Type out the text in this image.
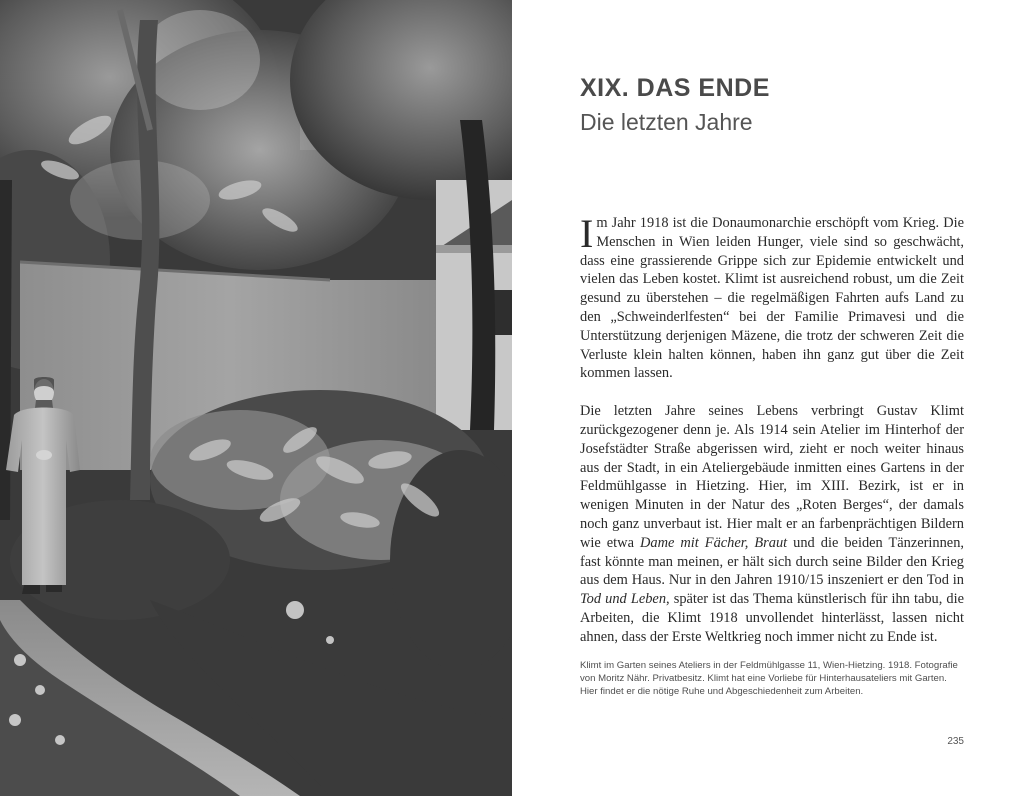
XIX. DAS ENDE
Die letzten Jahre

Im Jahr 1918 ist die Donaumonarchie erschöpft vom Krieg. Die Menschen in Wien leiden Hunger, viele sind so geschwächt, dass eine grassierende Grippe sich zur Epidemie entwickelt und vielen das Leben kostet. Klimt ist ausreichend robust, um die Zeit gesund zu überstehen – die regelmäßigen Fahrten aufs Land zu den „Schweinderlfesten“ bei der Familie Primavesi und die Unterstützung derjenigen Mäzene, die trotz der schweren Zeit die Verluste klein halten können, haben ihn ganz gut über die Zeit kommen lassen.

Die letzten Jahre seines Lebens verbringt Gustav Klimt zurückgezogener denn je. Als 1914 sein Atelier im Hinterhof der Josefstädter Straße abgerissen wird, zieht er noch weiter hinaus aus der Stadt, in ein Ateliergebäude inmitten eines Gartens in der Feldmühlgasse in Hietzing. Hier, im XIII. Bezirk, ist er in wenigen Minuten in der Natur des „Roten Berges“, der damals noch ganz unverbaut ist. Hier malt er an farbenprächtigen Bildern wie etwa Dame mit Fächer, Braut und die beiden Tänzerinnen, fast könnte man meinen, er hält sich durch seine Bilder den Krieg aus dem Haus. Nur in den Jahren 1910/15 inszeniert er den Tod in Tod und Leben, später ist das Thema künstlerisch für ihn tabu, die Arbeiten, die Klimt 1918 unvollendet hinterlässt, lassen nicht ahnen, dass der Erste Weltkrieg noch immer nicht zu Ende ist.

Klimt im Garten seines Ateliers in der Feldmühlgasse 11, Wien-Hietzing. 1918. Fotografie von Moritz Nähr. Privatbesitz. Klimt hat eine Vorliebe für Hinterhausateliers mit Garten. Hier findet er die nötige Ruhe und Abgeschiedenheit zum Arbeiten.

235
